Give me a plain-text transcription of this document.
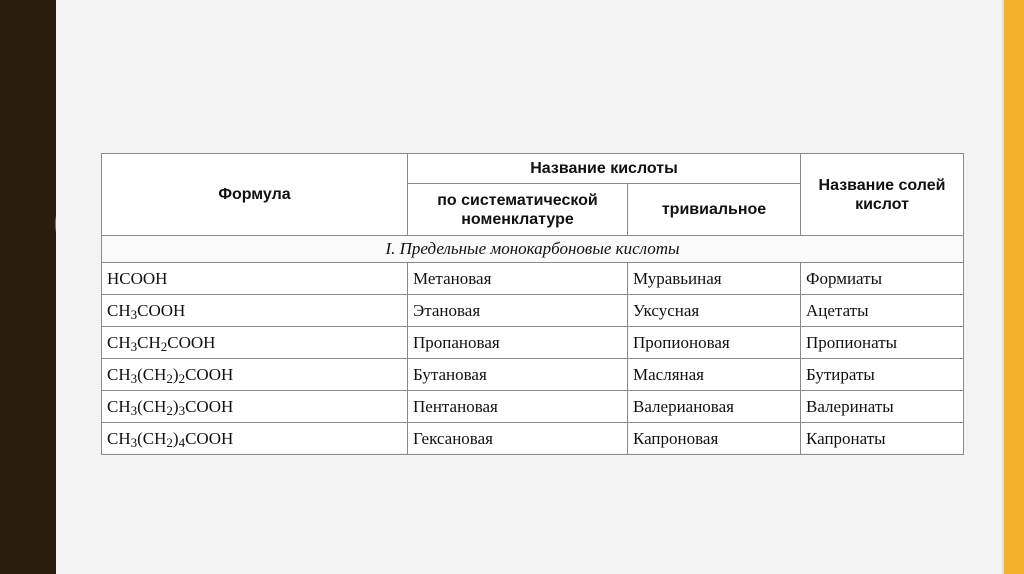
Формула	Название кислоты		Название солей кислот
	по систематической номенклатуре	тривиальное	
I. Предельные монокарбоновые кислоты			
HCOOH	Метановая	Муравьиная	Формиаты
$CH_3COOH$	Этановая	Уксусная	Ацетаты
$CH_3CH_2COOH$	Пропановая	Пропионовая	Пропионаты
$CH_3(CH_2)_2COOH$	Бутановая	Масляная	Бутираты
$CH_3(CH_2)_3COOH$	Пентановая	Валериановая	Валеринаты
$CH_3(CH_2)_4COOH$	Гексановая	Капроновая	Капронаты
